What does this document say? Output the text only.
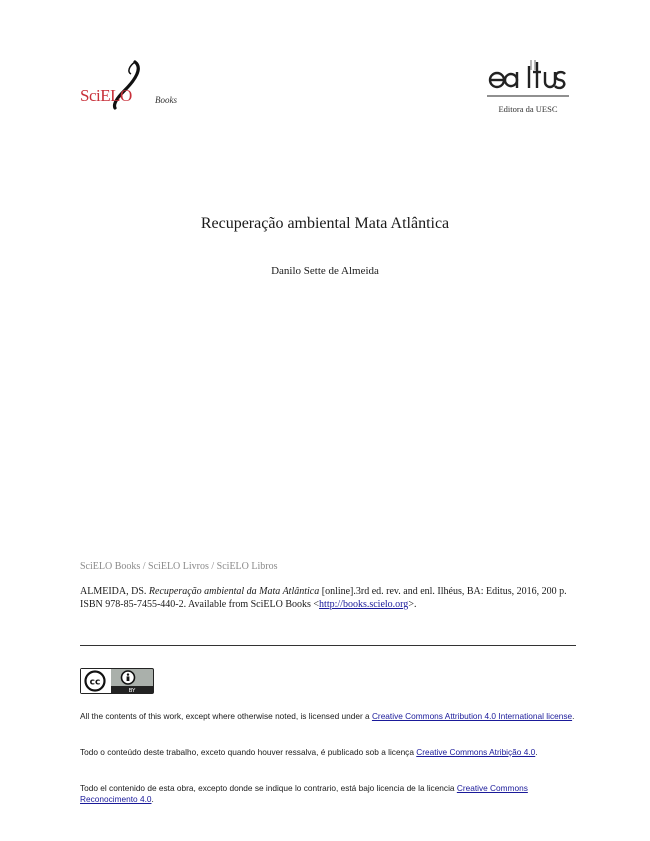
SciELO	Books
Editora da UESC
Recuperação ambiental Mata Atlântica
Danilo Sette de Almeida
SciELO Books / SciELO Livros / SciELO Libros
ALMEIDA, DS. Recuperação ambiental da Mata Atlântica [online].3rd ed. rev. and enl. Ilhéus, BA: Editus, 2016, 200 p. ISBN 978-85-7455-440-2. Available from SciELO Books <http://books.scielo.org>.
cc
BY
All the contents of this work, except where otherwise noted, is licensed under a Creative Commons Attribution 4.0 International license.
Todo o conteúdo deste trabalho, exceto quando houver ressalva, é publicado sob a licença Creative Commons Atribição 4.0.
Todo el contenido de esta obra, excepto donde se indique lo contrario, está bajo licencia de la licencia Creative Commons Reconocimento 4.0.
